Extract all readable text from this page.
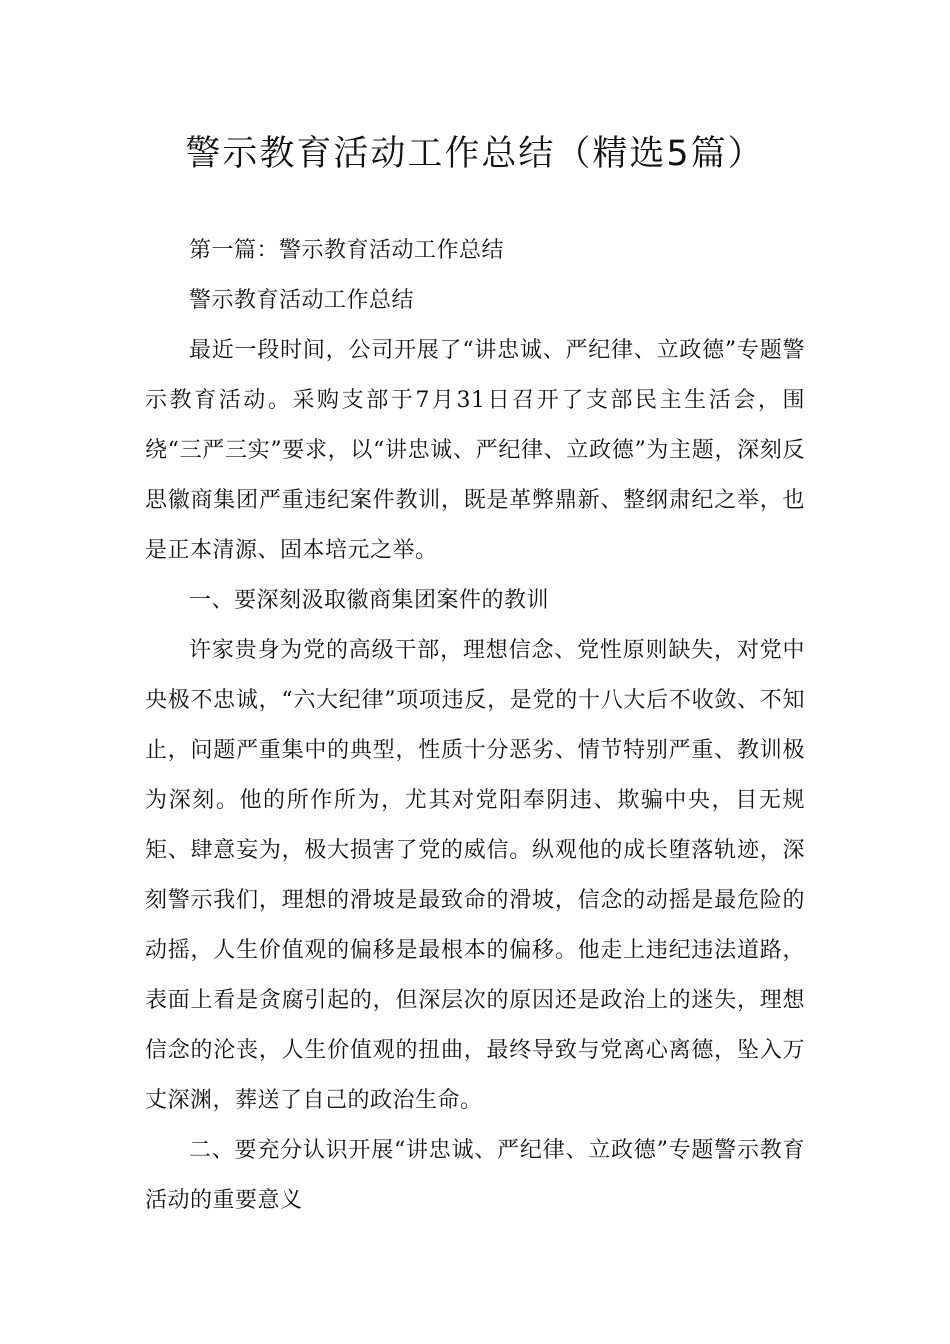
警示教育活动工作总结（精选5篇）

第一篇：警示教育活动工作总结

警示教育活动工作总结

最近一段时间，公司开展了“讲忠诚、严纪律、立政德”专题警示教育活动。采购支部于7月31日召开了支部民主生活会，围绕“三严三实”要求，以“讲忠诚、严纪律、立政德”为主题，深刻反思徽商集团严重违纪案件教训，既是革弊鼎新、整纲肃纪之举，也是正本清源、固本培元之举。

一、要深刻汲取徽商集团案件的教训

许家贵身为党的高级干部，理想信念、党性原则缺失，对党中央极不忠诚，“六大纪律”项项违反，是党的十八大后不收敛、不知止，问题严重集中的典型，性质十分恶劣、情节特别严重、教训极为深刻。他的所作所为，尤其对党阳奉阴违、欺骗中央，目无规矩、肆意妄为，极大损害了党的威信。纵观他的成长堕落轨迹，深刻警示我们，理想的滑坡是最致命的滑坡，信念的动摇是最危险的动摇，人生价值观的偏移是最根本的偏移。他走上违纪违法道路，表面上看是贪腐引起的，但深层次的原因还是政治上的迷失，理想信念的沦丧，人生价值观的扭曲，最终导致与党离心离德，坠入万丈深渊，葬送了自己的政治生命。

二、要充分认识开展“讲忠诚、严纪律、立政德”专题警示教育活动的重要意义
